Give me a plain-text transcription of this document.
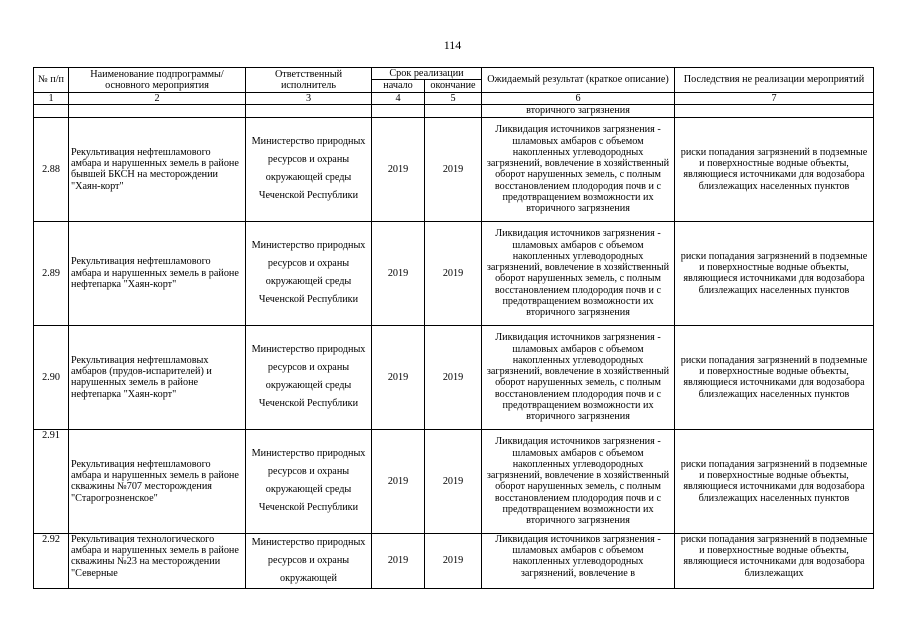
114
№ п/п	Наименование подпрограммы/ основного мероприятия	Ответственный исполнитель	Срок реализации		Ожидаемый результат (краткое описание)	Последствия не реализации мероприятий
			начало	окончание		
1	2	3	4	5	6	7
					вторичного загрязнения	
2.88	Рекультивация нефтешламового амбара и нарушенных земель в районе бывшей БКСН на месторождении "Хаян-корт"	Министерство природных ресурсов и охраны окружающей среды Чеченской Республики	2019	2019	Ликвидация источников загрязнения - шламовых амбаров с объемом накопленных углеводородных загрязнений, вовлечение в хозяйственный оборот нарушенных земель, с полным восстановлением плодородия почв и с предотвращением возможности их вторичного загрязнения	риски попадания загрязнений в подземные и поверхностные водные объекты, являющиеся источниками для водозабора близлежащих населенных пунктов
2.89	Рекультивация нефтешламового амбара и нарушенных земель в районе нефтепарка "Хаян-корт"	Министерство природных ресурсов и охраны окружающей среды Чеченской Республики	2019	2019	Ликвидация источников загрязнения - шламовых амбаров с объемом накопленных углеводородных загрязнений, вовлечение в хозяйственный оборот нарушенных земель, с полным восстановлением плодородия почв и с предотвращением возможности их вторичного загрязнения	риски попадания загрязнений в подземные и поверхностные водные объекты, являющиеся источниками для водозабора близлежащих населенных пунктов
2.90	Рекультивация нефтешламовых амбаров (прудов-испарителей) и нарушенных земель в районе нефтепарка "Хаян-корт"	Министерство природных ресурсов и охраны окружающей среды Чеченской Республики	2019	2019	Ликвидация источников загрязнения - шламовых амбаров с объемом накопленных углеводородных загрязнений, вовлечение в хозяйственный оборот нарушенных земель, с полным восстановлением плодородия почв и с предотвращением возможности их вторичного загрязнения	риски попадания загрязнений в подземные и поверхностные водные объекты, являющиеся источниками для водозабора близлежащих населенных пунктов
2.91	Рекультивация нефтешламового амбара и нарушенных земель в районе скважины №707 месторождения "Старогрозненское"	Министерство природных ресурсов и охраны окружающей среды Чеченской Республики	2019	2019	Ликвидация источников загрязнения - шламовых амбаров с объемом накопленных углеводородных загрязнений, вовлечение в хозяйственный оборот нарушенных земель, с полным восстановлением плодородия почв и с предотвращением возможности их вторичного загрязнения	риски попадания загрязнений в подземные и поверхностные водные объекты, являющиеся источниками для водозабора близлежащих населенных пунктов
2.92	Рекультивация технологического амбара и нарушенных земель в районе скважины №23 на месторождении "Северные	Министерство природных ресурсов и охраны окружающей	2019	2019	Ликвидация источников загрязнения - шламовых амбаров с объемом накопленных углеводородных загрязнений, вовлечение в	риски попадания загрязнений в подземные и поверхностные водные объекты, являющиеся источниками для водозабора близлежащих
